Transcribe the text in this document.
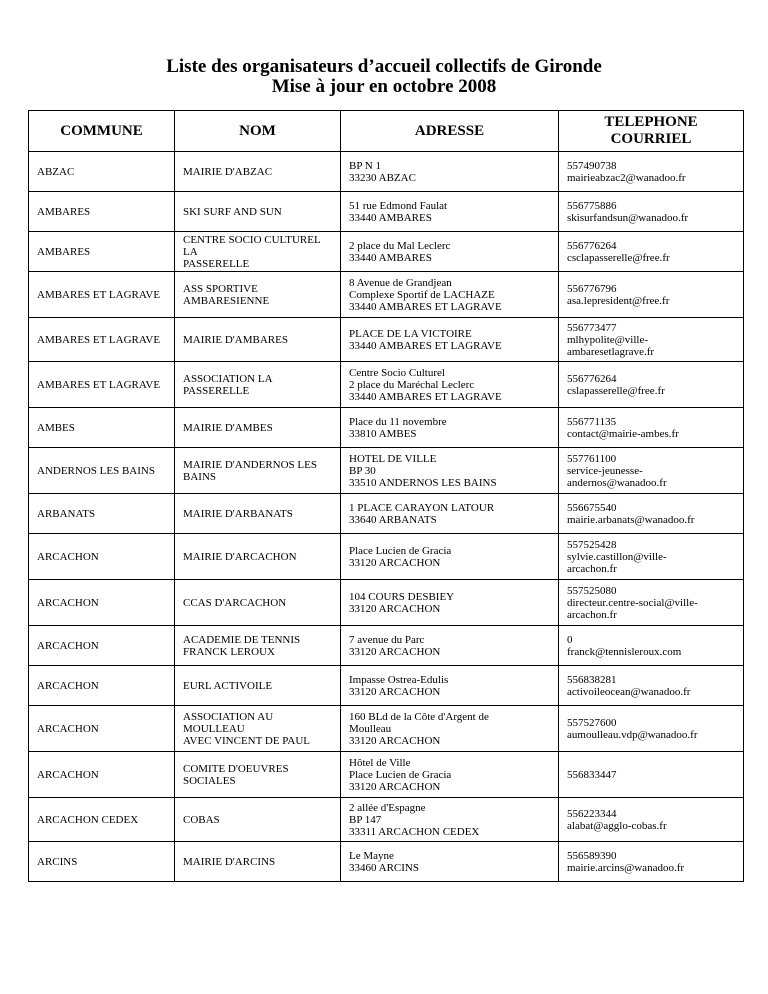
Liste des organisateurs d’accueil collectifs de Gironde
Mise à jour en octobre 2008
COMMUNE	NOM	ADRESSE	TELEPHONE
COURRIEL

ABZAC	MAIRIE D'ABZAC	BP N 1
33230 ABZAC	557490738
mairieabzac2@wanadoo.fr

AMBARES	SKI SURF AND SUN	51 rue Edmond Faulat
33440 AMBARES	556775886
skisurfandsun@wanadoo.fr

AMBARES	CENTRE SOCIO CULTUREL LA
PASSERELLE	2 place du Mal Leclerc
33440 AMBARES	556776264
csclapasserelle@free.fr

AMBARES ET LAGRAVE	ASS SPORTIVE
AMBARESIENNE	8 Avenue de Grandjean
Complexe Sportif de LACHAZE
33440 AMBARES ET LAGRAVE	556776796
asa.lepresident@free.fr

AMBARES ET LAGRAVE	MAIRIE D'AMBARES	PLACE DE LA VICTOIRE
33440 AMBARES ET LAGRAVE	556773477
mlhypolite@ville-
ambaresetlagrave.fr

AMBARES ET LAGRAVE	ASSOCIATION LA PASSERELLE	Centre Socio Culturel
2 place du Maréchal Leclerc
33440 AMBARES ET LAGRAVE	556776264
cslapasserelle@free.fr

AMBES	MAIRIE D'AMBES	Place du 11 novembre
33810 AMBES	556771135
contact@mairie-ambes.fr

ANDERNOS LES BAINS	MAIRIE D'ANDERNOS LES
BAINS	HOTEL DE VILLE
BP 30
33510 ANDERNOS LES BAINS	557761100
service-jeunesse-
andernos@wanadoo.fr

ARBANATS	MAIRIE D'ARBANATS	1 PLACE CARAYON LATOUR
33640 ARBANATS	556675540
mairie.arbanats@wanadoo.fr

ARCACHON	MAIRIE D'ARCACHON	Place Lucien de Gracia
33120 ARCACHON	557525428
sylvie.castillon@ville-
arcachon.fr

ARCACHON	CCAS D'ARCACHON	104 COURS DESBIEY
33120 ARCACHON	557525080
directeur.centre-social@ville-
arcachon.fr

ARCACHON	ACADEMIE DE TENNIS
FRANCK LEROUX	7 avenue du Parc
33120 ARCACHON	0
franck@tennisleroux.com

ARCACHON	EURL ACTIVOILE	Impasse Ostrea-Edulis
33120 ARCACHON	556838281
activoileocean@wanadoo.fr

ARCACHON	ASSOCIATION AU MOULLEAU
AVEC VINCENT DE PAUL	160 BLd de la Côte d'Argent de
Moulleau
33120 ARCACHON	557527600
aumoulleau.vdp@wanadoo.fr

ARCACHON	COMITE D'OEUVRES SOCIALES	Hôtel de Ville
Place Lucien de Gracia
33120 ARCACHON	556833447

ARCACHON CEDEX	COBAS	2 allée d'Espagne
BP 147
33311 ARCACHON CEDEX	556223344
alabat@agglo-cobas.fr

ARCINS	MAIRIE D'ARCINS	Le Mayne
33460 ARCINS	556589390
mairie.arcins@wanadoo.fr
